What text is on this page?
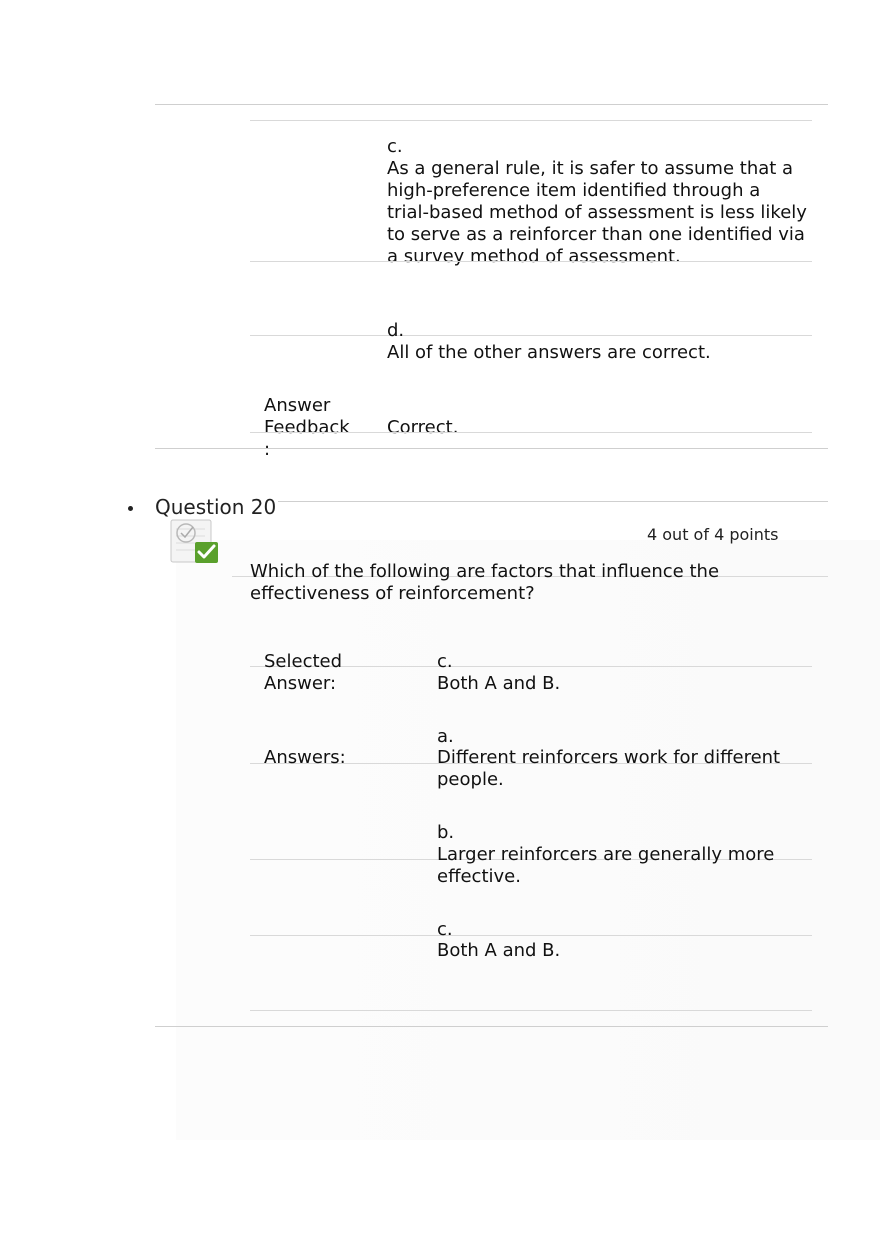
c.
As a general rule, it is safer to assume that a high-preference item identified through a trial-based method of assessment is less likely to serve as a reinforcer than one identified via a survey method of assessment.
d.
All of the other answers are correct.
Answer
Feedback
:
Correct.
Question 20
4 out of 4 points
Which of the following are factors that influence the effectiveness of reinforcement?
Selected
Answer:
c.
Both A and B.
Answers:
a.
Different reinforcers work for different people.
b.
Larger reinforcers are generally more effective.
c.
Both A and B.
